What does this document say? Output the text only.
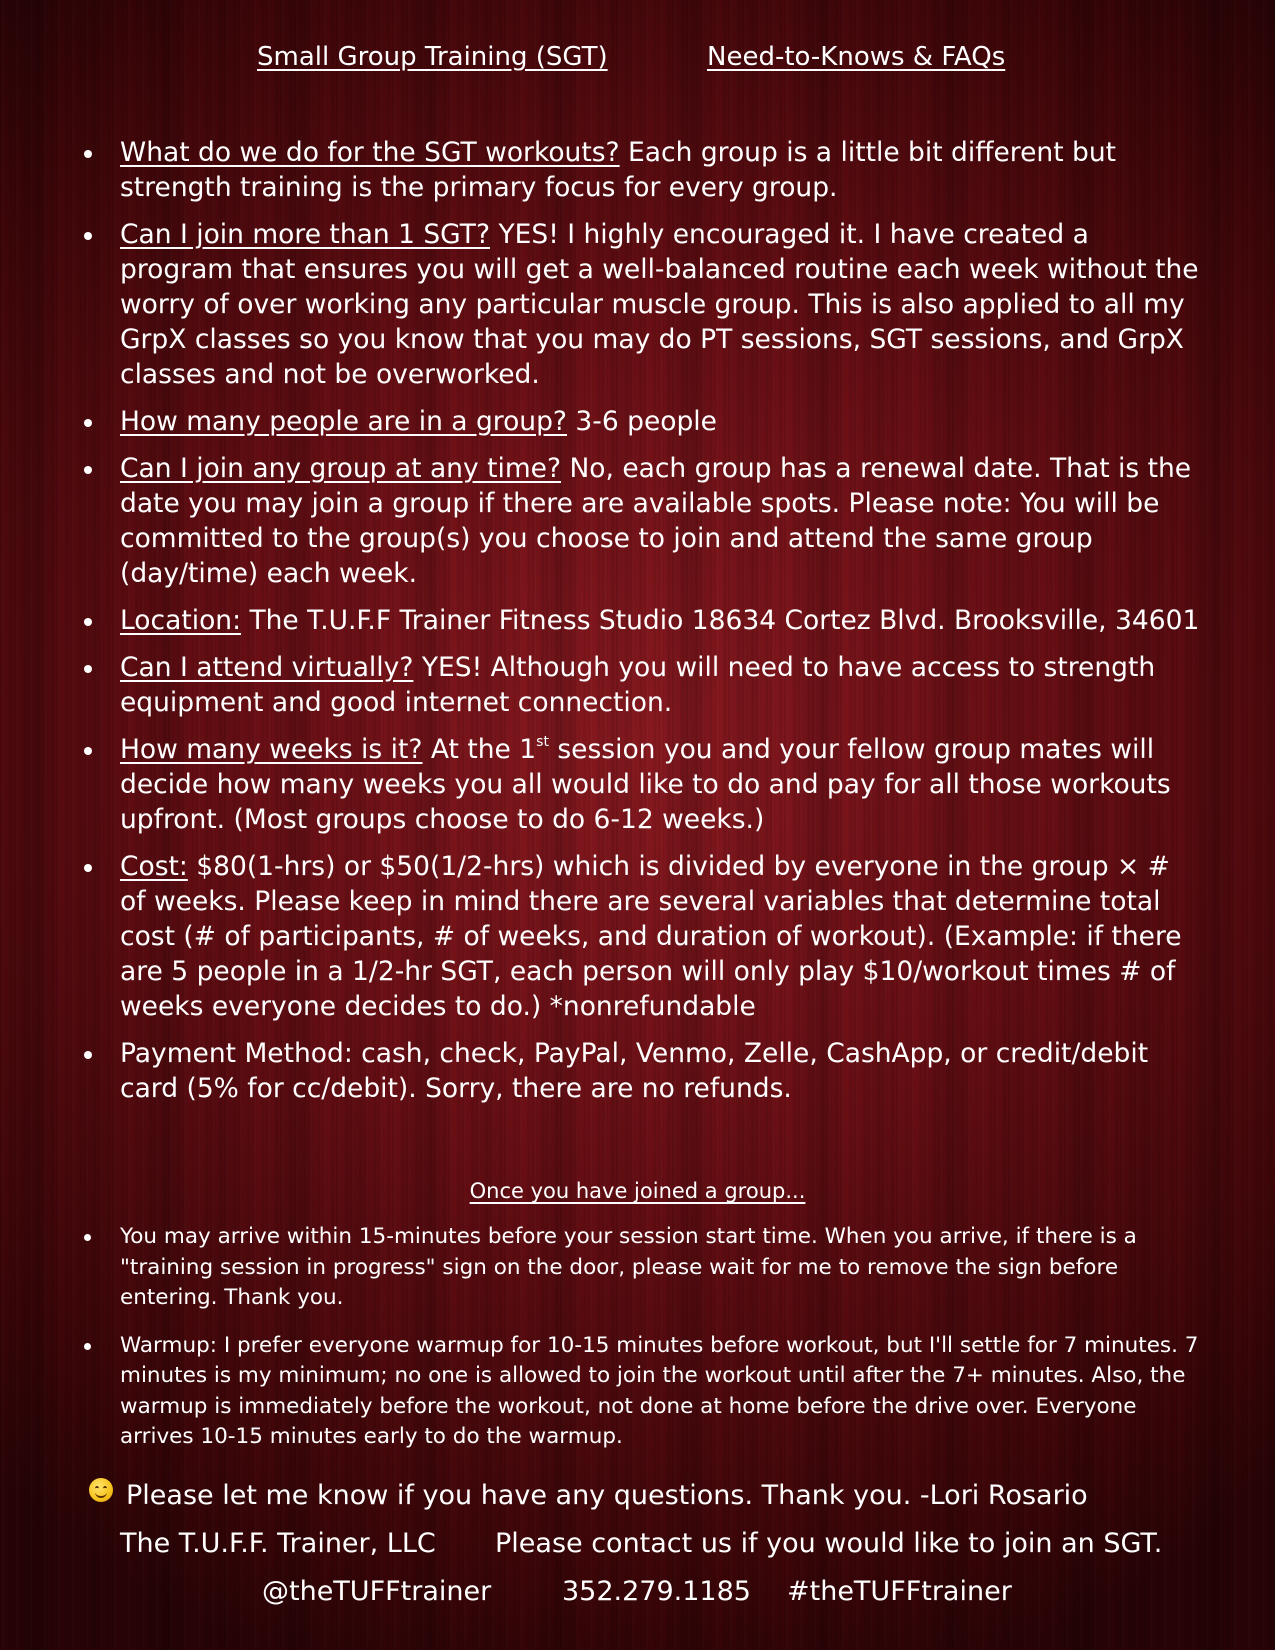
Small Group Training (SGT)	Need-to-Knows & FAQs
What do we do for the SGT workouts? Each group is a little bit different but strength training is the primary focus for every group.
Can I join more than 1 SGT? YES! I highly encouraged it. I have created a program that ensures you will get a well-balanced routine each week without the worry of over working any particular muscle group. This is also applied to all my GrpX classes so you know that you may do PT sessions, SGT sessions, and GrpX classes and not be overworked.
How many people are in a group? 3-6 people
Can I join any group at any time? No, each group has a renewal date. That is the date you may join a group if there are available spots. Please note: You will be committed to the group(s) you choose to join and attend the same group (day/time) each week.
Location: The T.U.F.F Trainer Fitness Studio 18634 Cortez Blvd. Brooksville, 34601
Can I attend virtually? YES! Although you will need to have access to strength equipment and good internet connection.
How many weeks is it? At the 1st session you and your fellow group mates will decide how many weeks you all would like to do and pay for all those workouts upfront. (Most groups choose to do 6-12 weeks.)
Cost: $80(1-hrs) or $50(1/2-hrs) which is divided by everyone in the group × # of weeks. Please keep in mind there are several variables that determine total cost (# of participants, # of weeks, and duration of workout). (Example: if there are 5 people in a 1/2-hr SGT, each person will only play $10/workout times # of weeks everyone decides to do.) *nonrefundable
Payment Method: cash, check, PayPal, Venmo, Zelle, CashApp, or credit/debit card (5% for cc/debit). Sorry, there are no refunds.
Once you have joined a group...
You may arrive within 15-minutes before your session start time. When you arrive, if there is a "training session in progress" sign on the door, please wait for me to remove the sign before entering. Thank you.
Warmup: I prefer everyone warmup for 10-15 minutes before workout, but I'll settle for 7 minutes. 7 minutes is my minimum; no one is allowed to join the workout until after the 7+ minutes. Also, the warmup is immediately before the workout, not done at home before the drive over. Everyone arrives 10-15 minutes early to do the warmup.
Please let me know if you have any questions. Thank you. -Lori Rosario
The T.U.F.F. Trainer, LLC Please contact us if you would like to join an SGT.
@theTUFFtrainer	352.279.1185 #theTUFFtrainer
